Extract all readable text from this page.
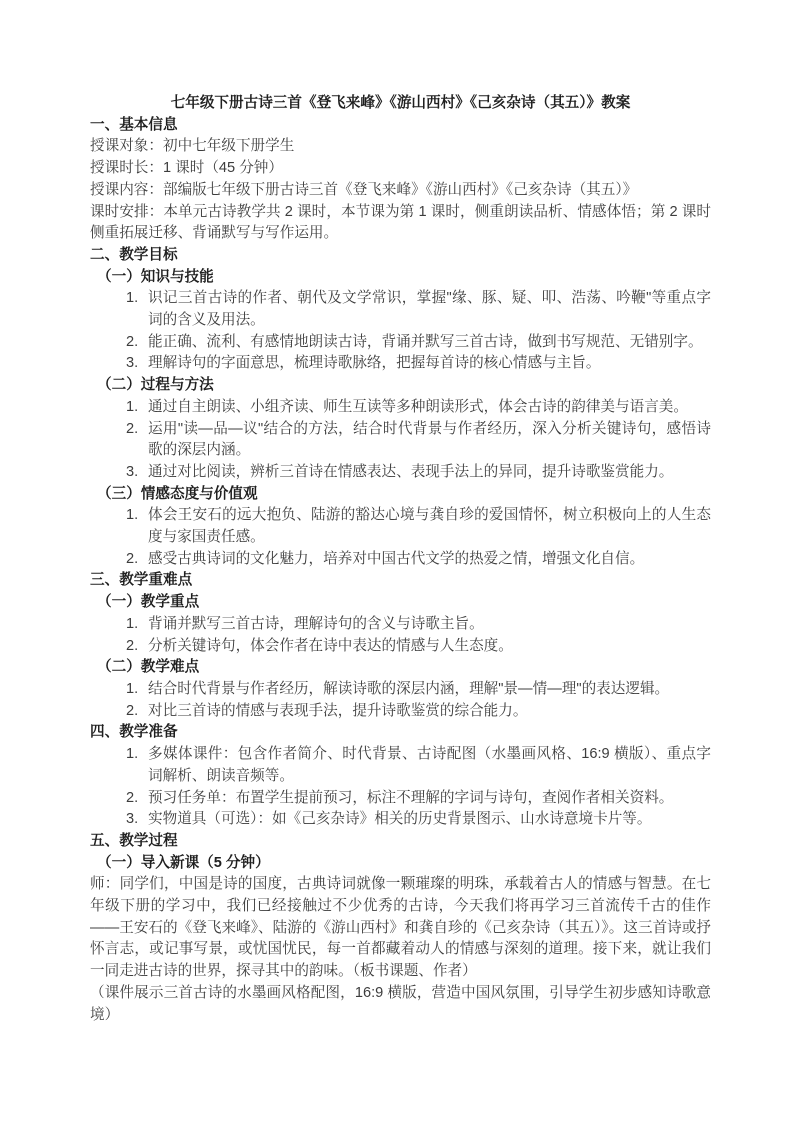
七年级下册古诗三首《登飞来峰》《游山西村》《己亥杂诗（其五）》教案
一、基本信息

授课对象：初中七年级下册学生

授课时长：1 课时（45 分钟）

授课内容：部编版七年级下册古诗三首《登飞来峰》《游山西村》《己亥杂诗（其五）》

课时安排：本单元古诗教学共 2 课时，本节课为第 1 课时，侧重朗读品析、情感体悟；第 2 课时侧重拓展迁移、背诵默写与写作运用。

二、教学目标
（一）知识与技能
1. 识记三首古诗的作者、朝代及文学常识，掌握"缘、豚、疑、叩、浩荡、吟鞭"等重点字词的含义及用法。
2. 能正确、流利、有感情地朗读古诗，背诵并默写三首古诗，做到书写规范、无错别字。
3. 理解诗句的字面意思，梳理诗歌脉络，把握每首诗的核心情感与主旨。
（二）过程与方法
1. 通过自主朗读、小组齐读、师生互读等多种朗读形式，体会古诗的韵律美与语言美。
2. 运用"读—品—议"结合的方法，结合时代背景与作者经历，深入分析关键诗句，感悟诗歌的深层内涵。
3. 通过对比阅读，辨析三首诗在情感表达、表现手法上的异同，提升诗歌鉴赏能力。
（三）情感态度与价值观
1. 体会王安石的远大抱负、陆游的豁达心境与龚自珍的爱国情怀，树立积极向上的人生态度与家国责任感。
2. 感受古典诗词的文化魅力，培养对中国古代文学的热爱之情，增强文化自信。
三、教学重难点
（一）教学重点
1. 背诵并默写三首古诗，理解诗句的含义与诗歌主旨。
2. 分析关键诗句，体会作者在诗中表达的情感与人生态度。
（二）教学难点
1. 结合时代背景与作者经历，解读诗歌的深层内涵，理解"景—情—理"的表达逻辑。
2. 对比三首诗的情感与表现手法，提升诗歌鉴赏的综合能力。
四、教学准备
1. 多媒体课件：包含作者简介、时代背景、古诗配图（水墨画风格、16:9 横版）、重点字词解析、朗读音频等。
2. 预习任务单：布置学生提前预习，标注不理解的字词与诗句，查阅作者相关资料。
3. 实物道具（可选）：如《己亥杂诗》相关的历史背景图示、山水诗意境卡片等。
五、教学过程
（一）导入新课（5 分钟）

师：同学们，中国是诗的国度，古典诗词就像一颗璀璨的明珠，承载着古人的情感与智慧。在七年级下册的学习中，我们已经接触过不少优秀的古诗，今天我们将再学习三首流传千古的佳作——王安石的《登飞来峰》、陆游的《游山西村》和龚自珍的《己亥杂诗（其五）》。这三首诗或抒怀言志，或记事写景，或忧国忧民，每一首都藏着动人的情感与深刻的道理。接下来，就让我们一同走进古诗的世界，探寻其中的韵味。（板书课题、作者）

（课件展示三首古诗的水墨画风格配图，16:9 横版，营造中国风氛围，引导学生初步感知诗歌意境）
